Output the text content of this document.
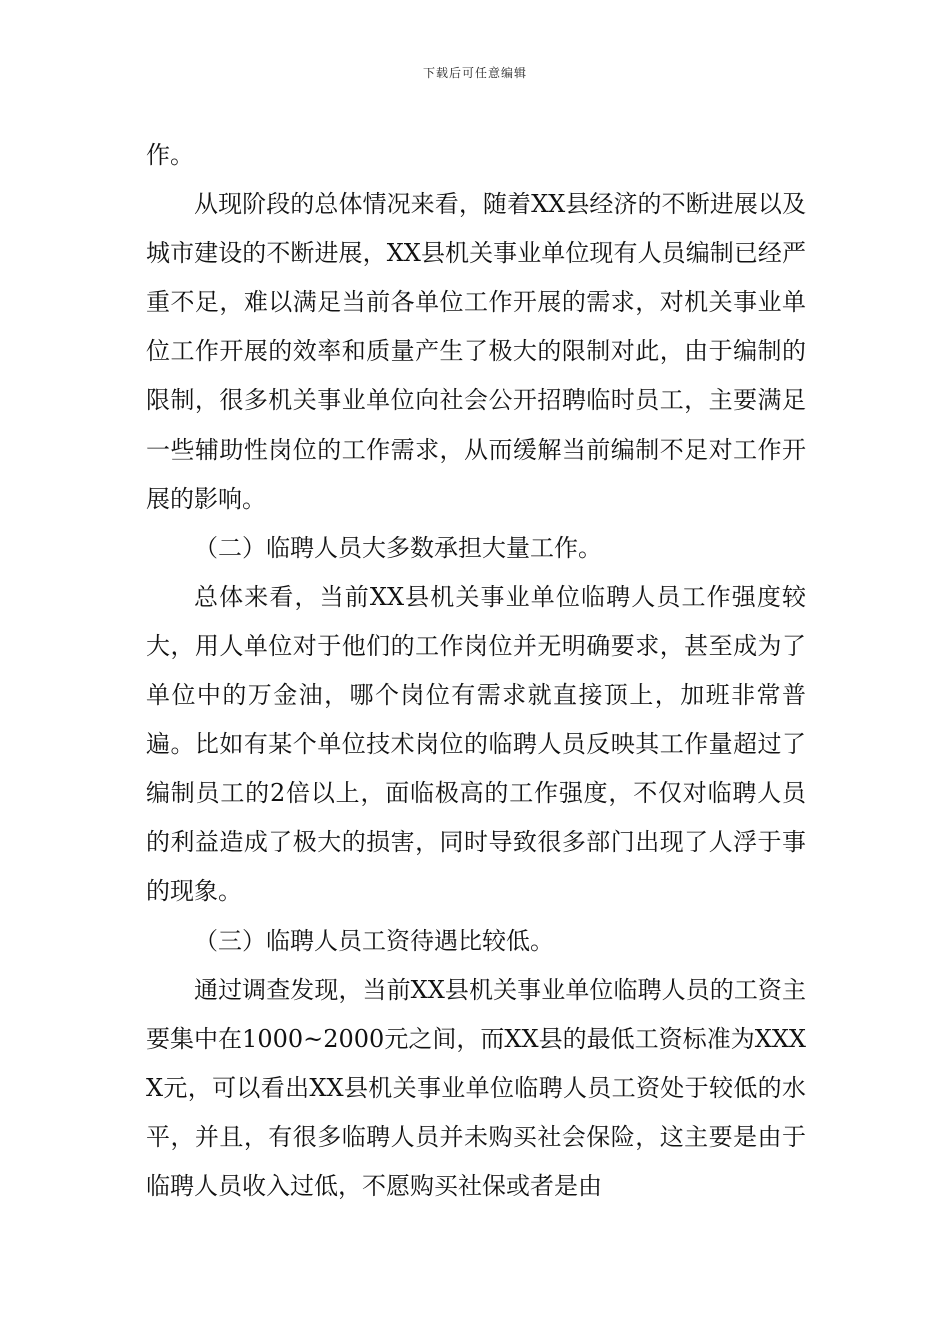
下载后可任意编辑

作。

从现阶段的总体情况来看，随着XX县经济的不断进展以及城市建设的不断进展，XX县机关事业单位现有人员编制已经严重不足，难以满足当前各单位工作开展的需求，对机关事业单位工作开展的效率和质量产生了极大的限制对此，由于编制的限制，很多机关事业单位向社会公开招聘临时员工，主要满足一些辅助性岗位的工作需求，从而缓解当前编制不足对工作开展的影响。

（二）临聘人员大多数承担大量工作。

总体来看，当前XX县机关事业单位临聘人员工作强度较大，用人单位对于他们的工作岗位并无明确要求，甚至成为了单位中的万金油，哪个岗位有需求就直接顶上，加班非常普遍。比如有某个单位技术岗位的临聘人员反映其工作量超过了编制员工的2倍以上，面临极高的工作强度，不仅对临聘人员的利益造成了极大的损害，同时导致很多部门出现了人浮于事的现象。

（三）临聘人员工资待遇比较低。

通过调查发现，当前XX县机关事业单位临聘人员的工资主要集中在1000~2000元之间，而XX县的最低工资标准为XXXX元，可以看出XX县机关事业单位临聘人员工资处于较低的水平，并且，有很多临聘人员并未购买社会保险，这主要是由于临聘人员收入过低，不愿购买社保或者是由
